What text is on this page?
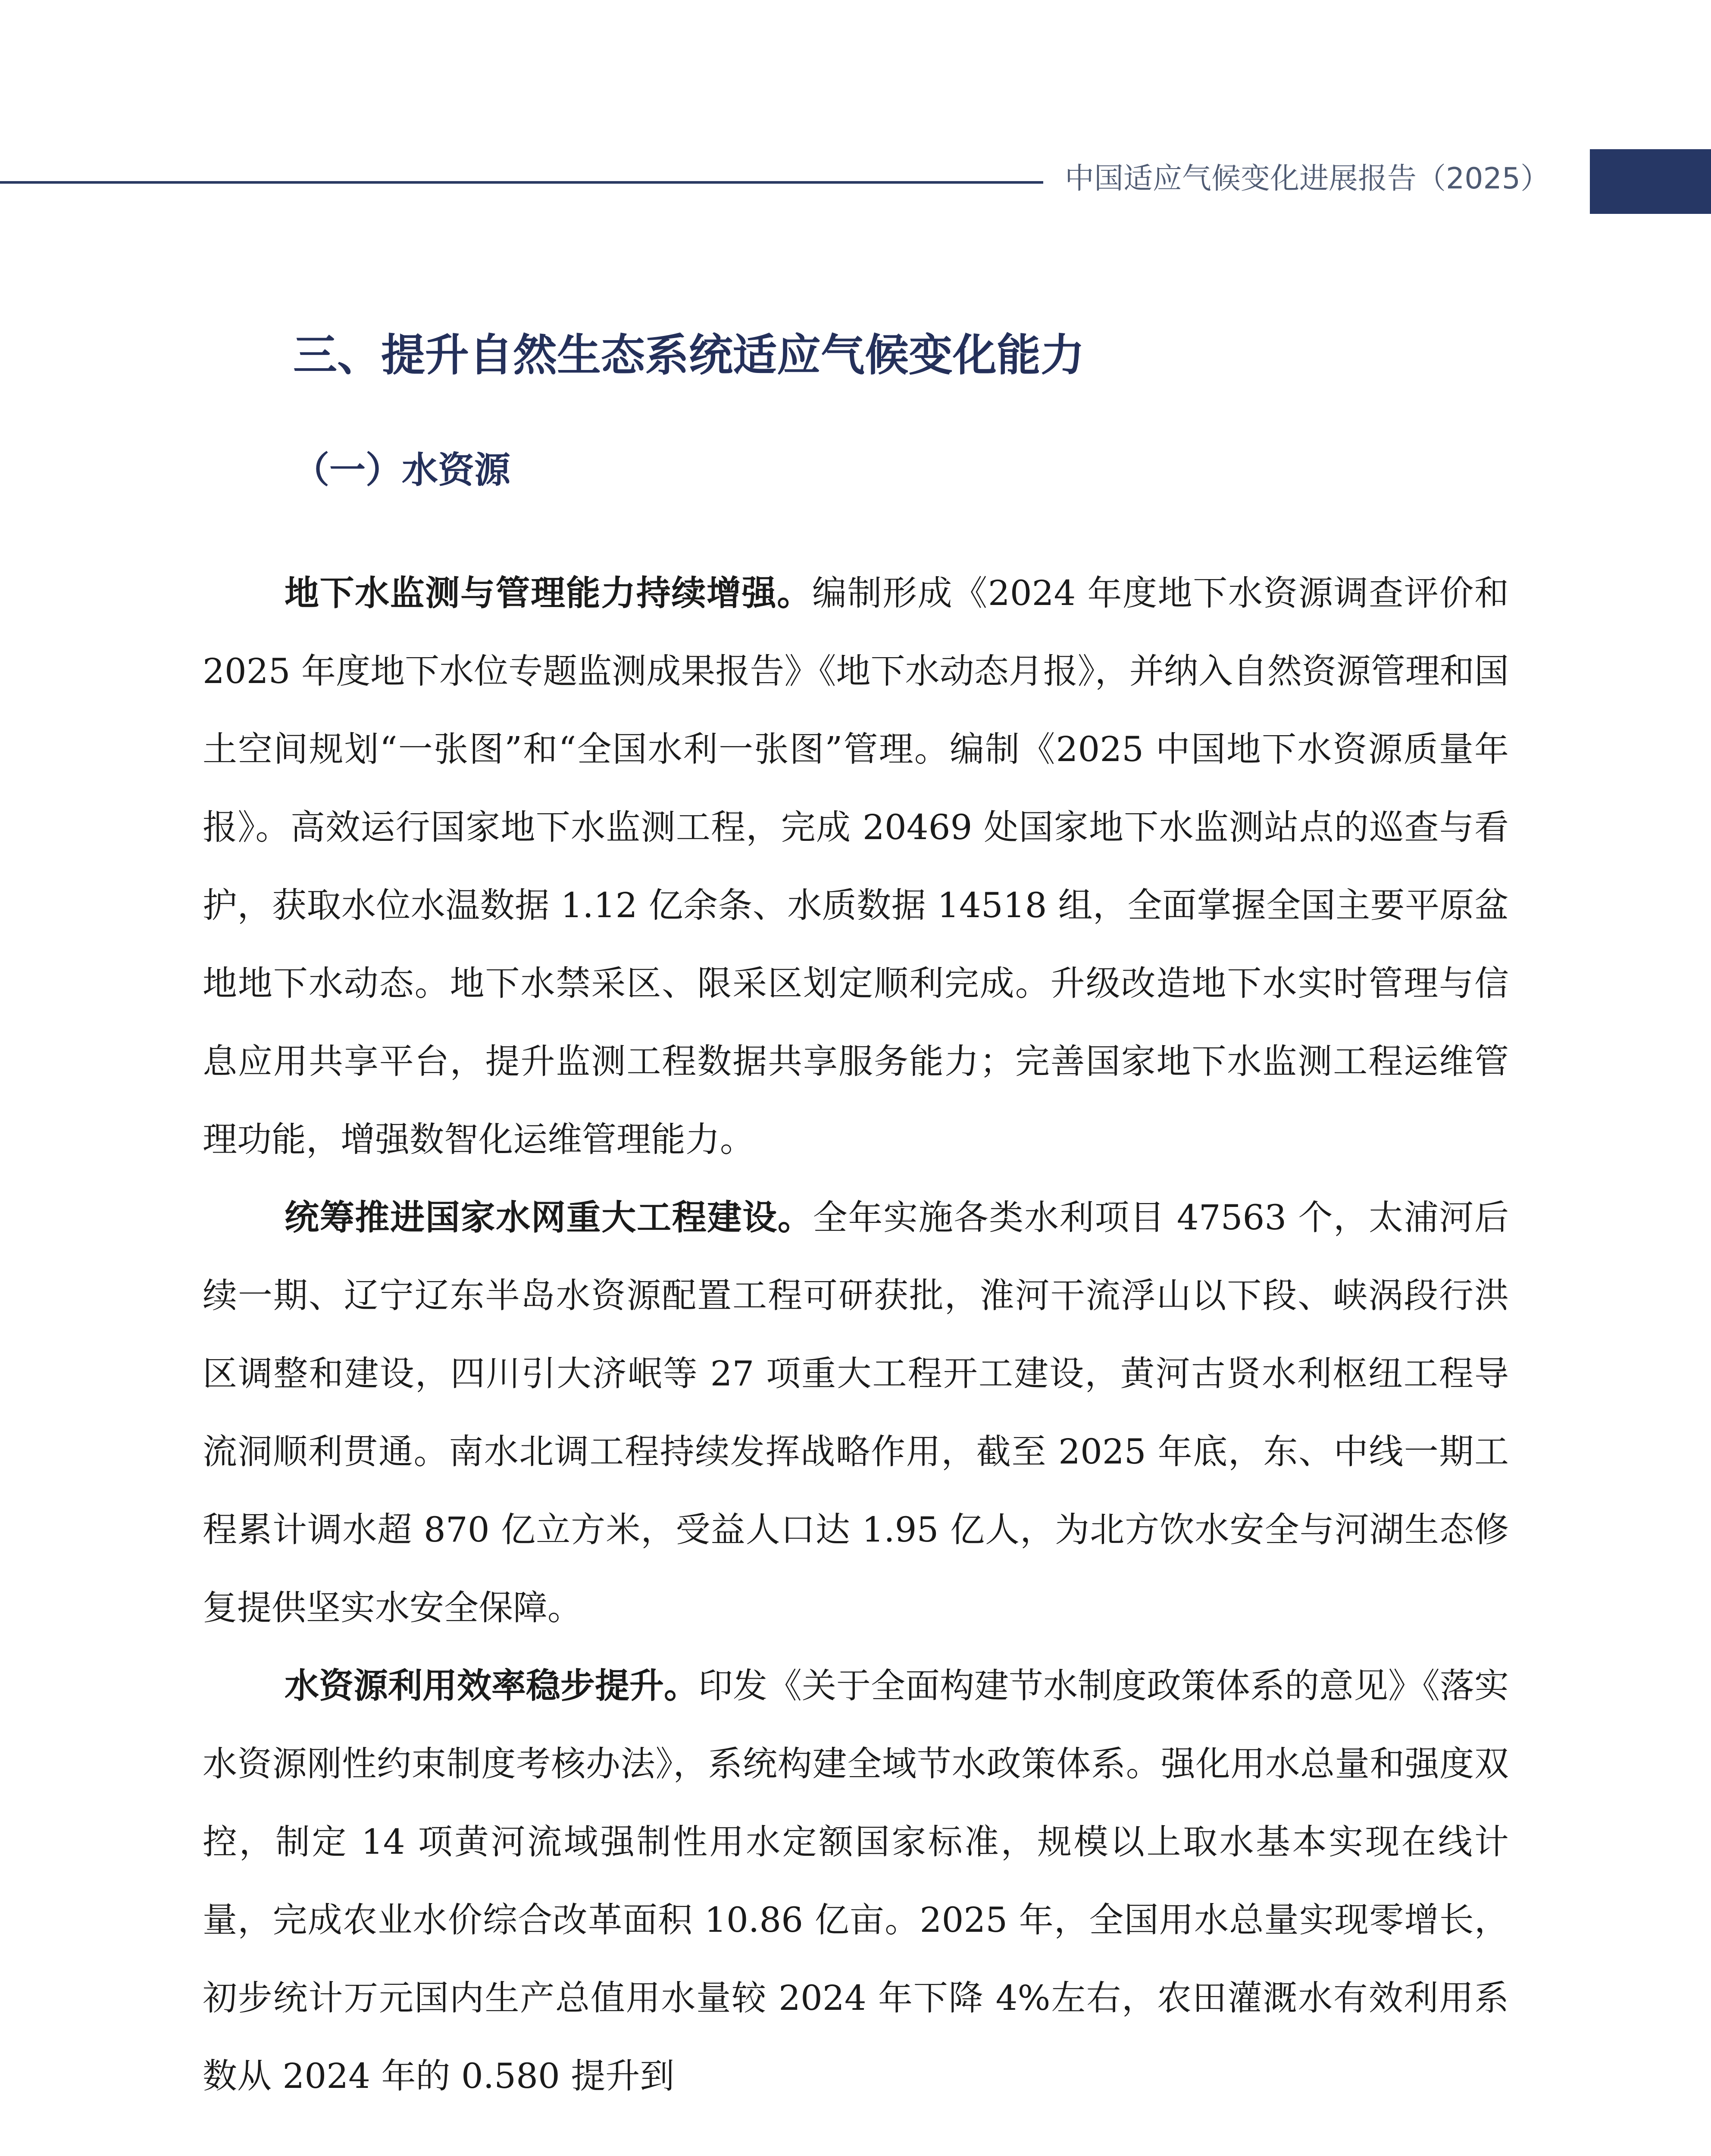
中国适应气候变化进展报告（2025）
三、提升自然生态系统适应气候变化能力
（一）水资源

地下水监测与管理能力持续增强。编制形成《2024 年度地下水资源调查评价和 2025 年度地下水位专题监测成果报告》《地下水动态月报》，并纳入自然资源管理和国土空间规划“一张图”和“全国水利一张图”管理。编制《2025 中国地下水资源质量年报》。高效运行国家地下水监测工程，完成 20469 处国家地下水监测站点的巡查与看护，获取水位水温数据 1.12 亿余条、水质数据 14518 组，全面掌握全国主要平原盆地地下水动态。地下水禁采区、限采区划定顺利完成。升级改造地下水实时管理与信息应用共享平台，提升监测工程数据共享服务能力；完善国家地下水监测工程运维管理功能，增强数智化运维管理能力。

统筹推进国家水网重大工程建设。全年实施各类水利项目 47563 个，太浦河后续一期、辽宁辽东半岛水资源配置工程可研获批，淮河干流浮山以下段、峡涡段行洪区调整和建设，四川引大济岷等 27 项重大工程开工建设，黄河古贤水利枢纽工程导流洞顺利贯通。南水北调工程持续发挥战略作用，截至 2025 年底，东、中线一期工程累计调水超 870 亿立方米，受益人口达 1.95 亿人，为北方饮水安全与河湖生态修复提供坚实水安全保障。

水资源利用效率稳步提升。印发《关于全面构建节水制度政策体系的意见》《落实水资源刚性约束制度考核办法》，系统构建全域节水政策体系。强化用水总量和强度双控，制定 14 项黄河流域强制性用水定额国家标准，规模以上取水基本实现在线计量，完成农业水价综合改革面积 10.86 亿亩。2025 年，全国用水总量实现零增长，初步统计万元国内生产总值用水量较 2024 年下降 4%左右，农田灌溉水有效利用系数从 2024 年的 0.580 提升到
